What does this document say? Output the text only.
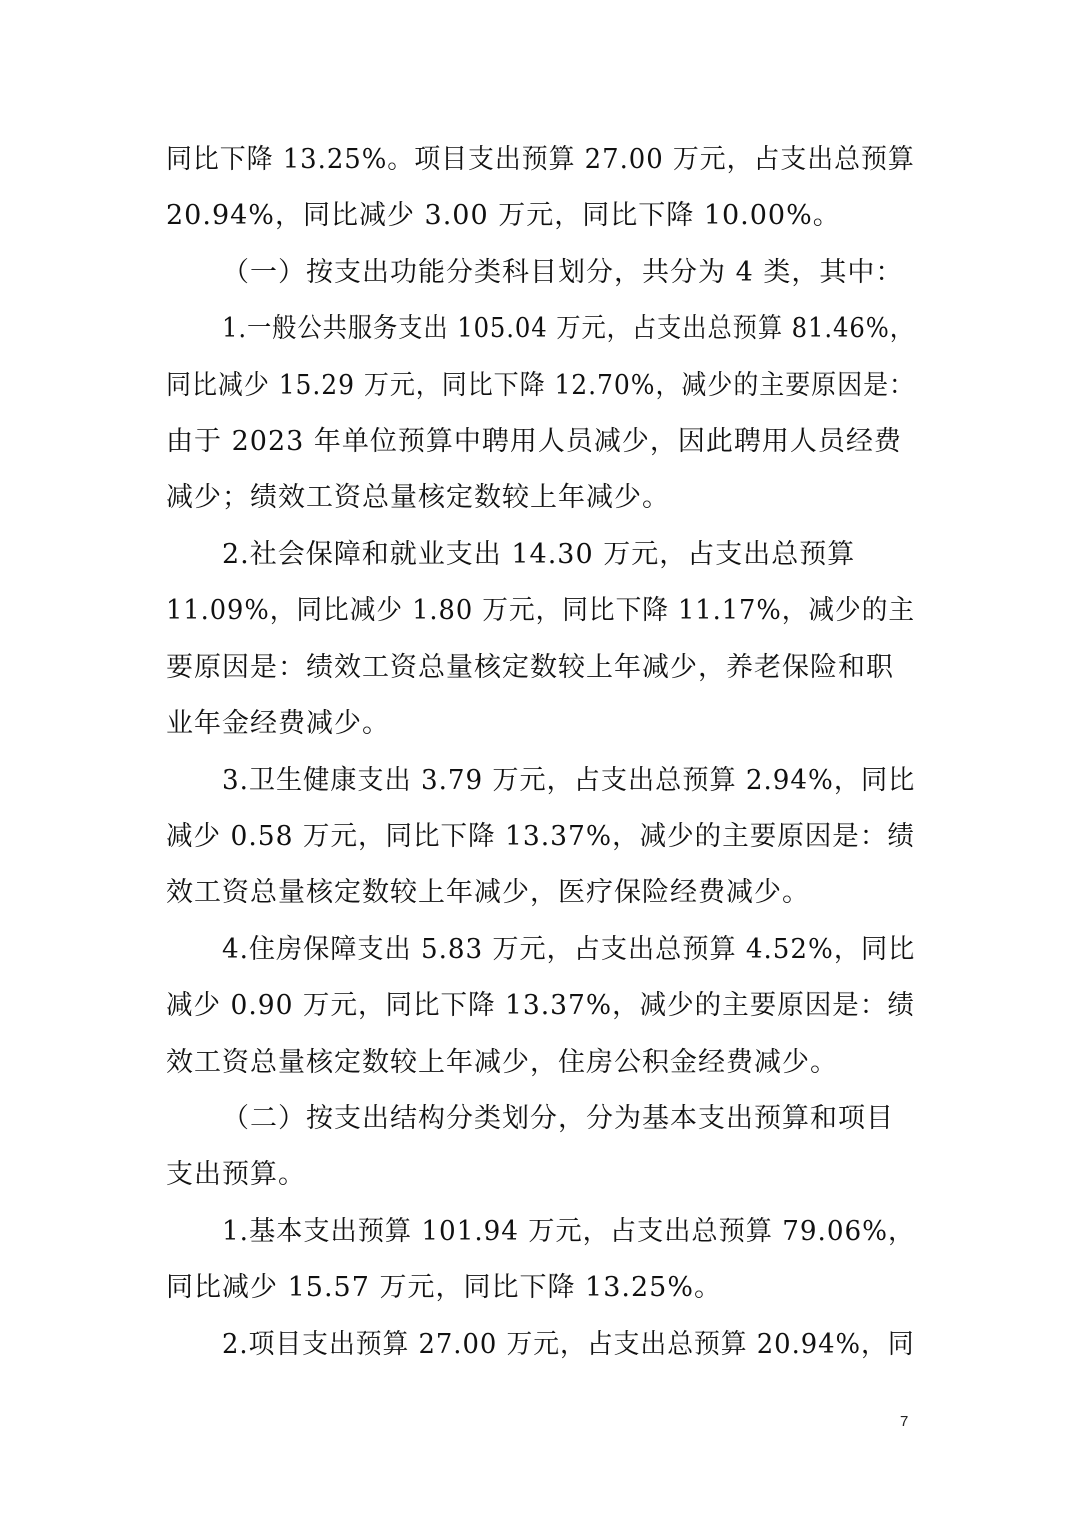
同比下降 13.25%。项目支出预算 27.00 万元，占支出总预算
20.94%，同比减少 3.00 万元，同比下降 10.00%。
（一）按支出功能分类科目划分，共分为 4 类，其中：
1.一般公共服务支出 105.04 万元，占支出总预算 81.46%，
同比减少 15.29 万元，同比下降 12.70%，减少的主要原因是：
由于 2023 年单位预算中聘用人员减少，因此聘用人员经费
减少；绩效工资总量核定数较上年减少。
2.社会保障和就业支出 14.30 万元，占支出总预算
11.09%，同比减少 1.80 万元，同比下降 11.17%，减少的主
要原因是：绩效工资总量核定数较上年减少，养老保险和职
业年金经费减少。
3.卫生健康支出 3.79 万元，占支出总预算 2.94%，同比
减少 0.58 万元，同比下降 13.37%，减少的主要原因是：绩
效工资总量核定数较上年减少，医疗保险经费减少。
4.住房保障支出 5.83 万元，占支出总预算 4.52%，同比
减少 0.90 万元，同比下降 13.37%，减少的主要原因是：绩
效工资总量核定数较上年减少，住房公积金经费减少。
（二）按支出结构分类划分，分为基本支出预算和项目
支出预算。
1.基本支出预算 101.94 万元，占支出总预算 79.06%，
同比减少 15.57 万元，同比下降 13.25%。
2.项目支出预算 27.00 万元，占支出总预算 20.94%，同
7
